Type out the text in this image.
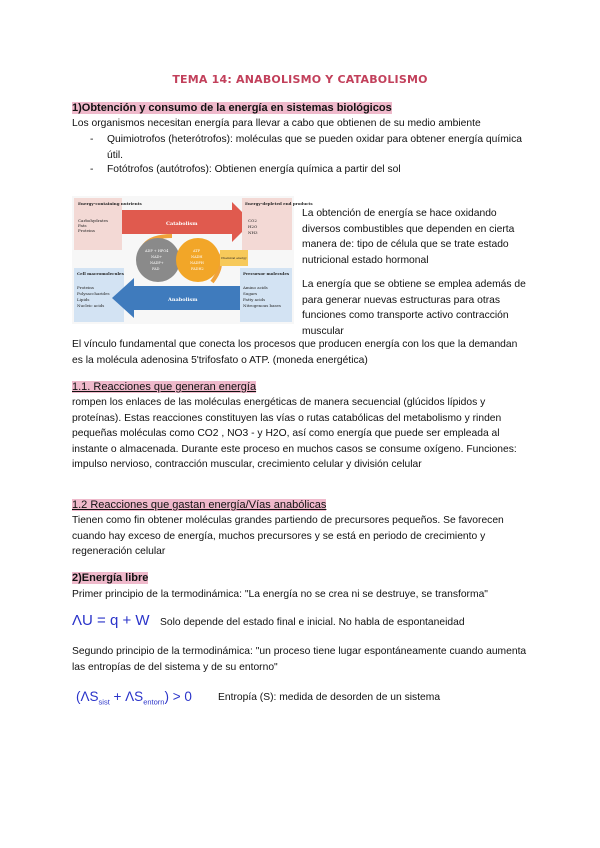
TEMA 14: ANABOLISMO Y CATABOLISMO
1)Obtención y consumo de la energía en sistemas biológicos
Los organismos necesitan energía para llevar a cabo que obtienen de su medio ambiente
- Quimiotrofos (heterótrofos): moléculas que se pueden oxidar para obtener energía química útil.
- Fotótrofos (autótrofos): Obtienen energía química a partir del sol
Energy-containing nutrients
Carbohydrates
Fats
Proteins
Energy-depleted end products
CO2
H2O
NH3
Cell macromolecules
Proteins
Polysaccharides
Lipids
Nucleic acids
Precursor molecules
Amino acids
Sugars
Fatty acids
Nitrogenous bases
Catabolism
Anabolism
ADP + HPO4
NAD+
NADP+
FAD
ATP
NADH
NADPH
FADH2
Chemical energy
La obtención de energía se hace oxidando diversos combustibles que dependen en cierta manera de: tipo de célula que se trate estado nutricional estado hormonal
La energía que se obtiene se emplea además de para generar nuevas estructuras para otras funciones como transporte activo contracción muscular
El vínculo fundamental que conecta los procesos que producen energía con los que la demandan es la molécula adenosina 5'trifosfato o ATP. (moneda energética)
1.1. Reacciones que generan energía
rompen los enlaces de las moléculas energéticas de manera secuencial (glúcidos lípidos y proteínas). Estas reacciones constituyen las vías o rutas catabólicas del metabolismo y rinden pequeñas moléculas como CO2 , NO3 - y H2O, así como energía que puede ser empleada al instante o almacenada. Durante este proceso en muchos casos se consume oxígeno. Funciones: impulso nervioso, contracción muscular, crecimiento celular y división celular
1.2 Reacciones que gastan energía/Vías anabólicas
Tienen como fin obtener moléculas grandes partiendo de precursores pequeños. Se favorecen cuando hay exceso de energía, muchos precursores y se está en periodo de crecimiento y regeneración celular
2)Energía libre
Primer principio de la termodinámica: "La energía no se crea ni se destruye, se transforma"
ΛU = q + W Solo depende del estado final e inicial. No habla de espontaneidad
Segundo principio de la termodinámica: "un proceso tiene lugar espontáneamente cuando aumenta las entropías de del sistema y de su entorno"
$(\Lambda S_{sist} + \Lambda S_{entorn}) > 0$	Entropía (S): medida de desorden de un sistema
